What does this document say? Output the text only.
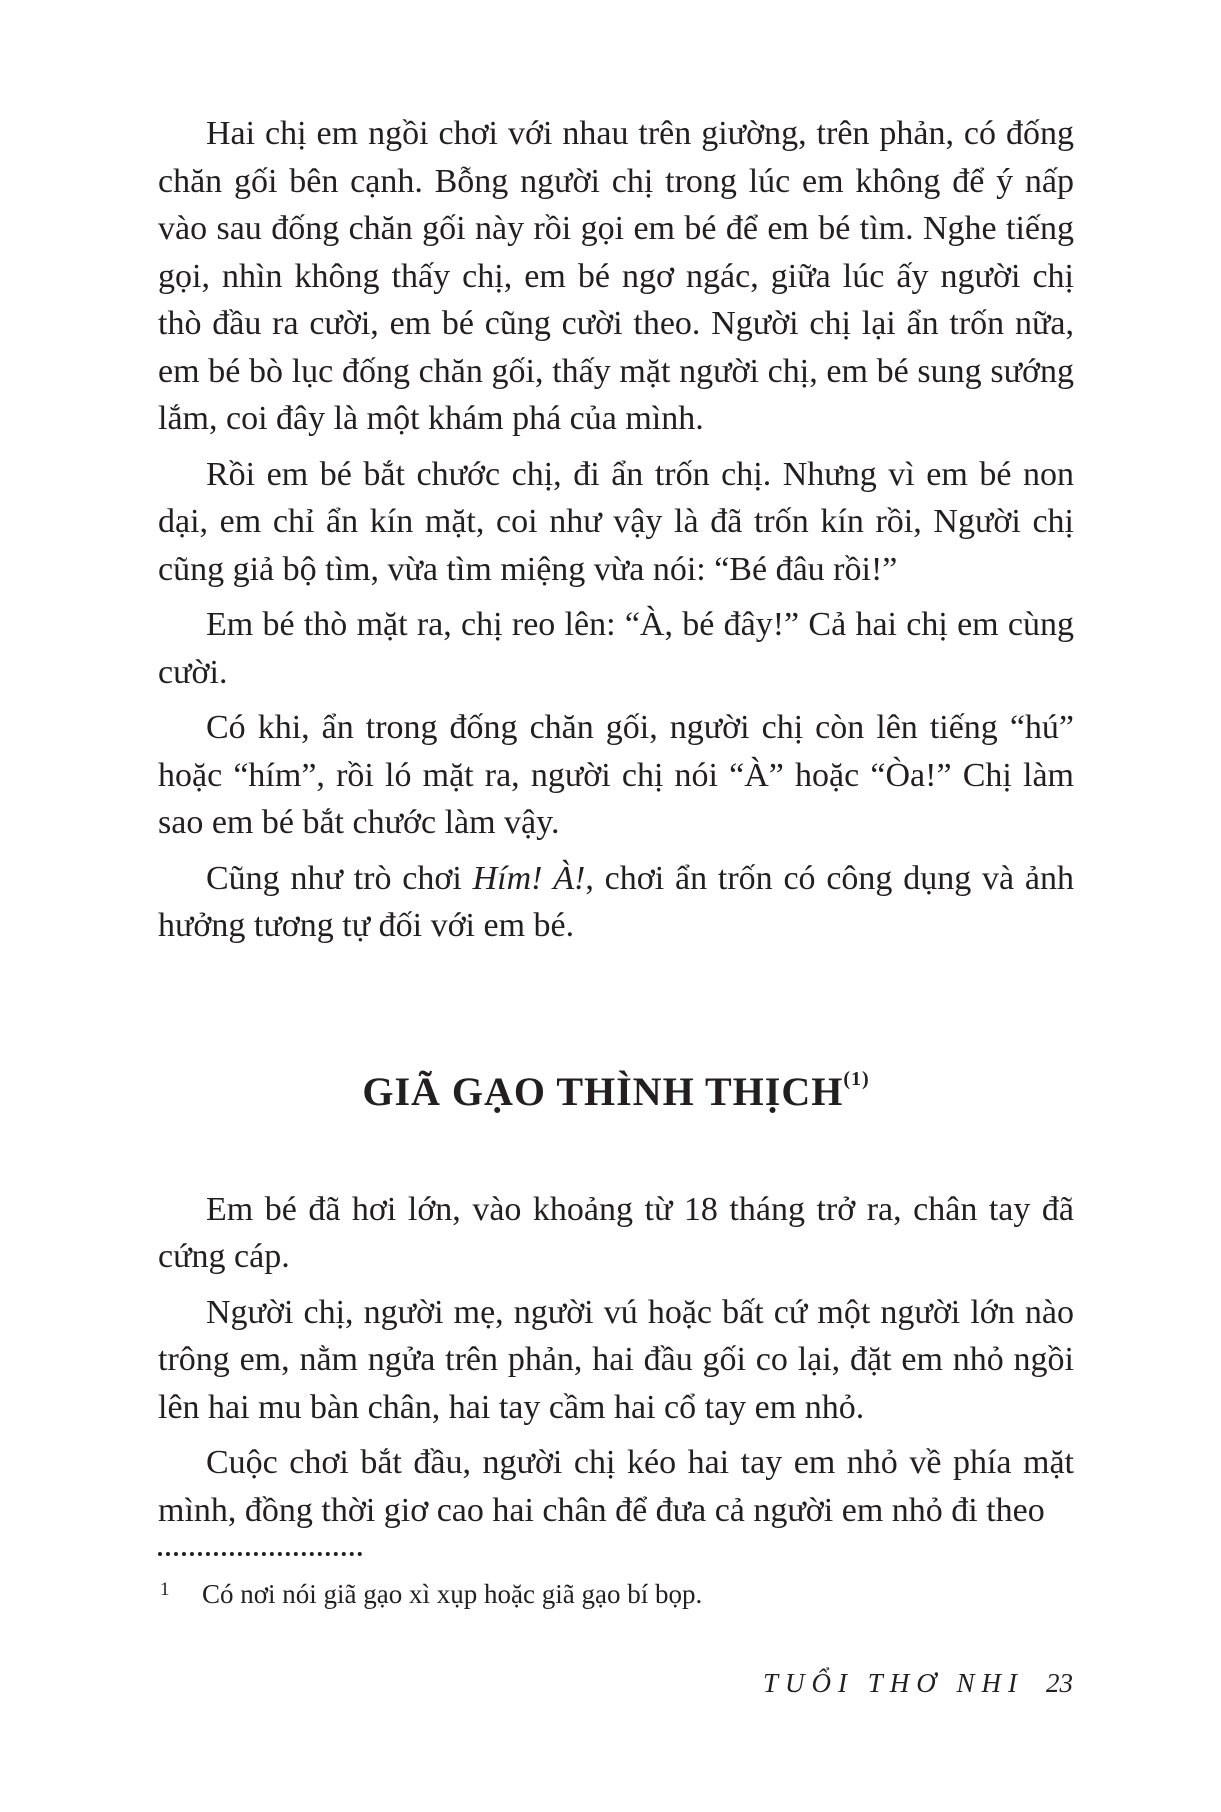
Hai chị em ngồi chơi với nhau trên giường, trên phản, có đống chăn gối bên cạnh. Bỗng người chị trong lúc em không để ý nấp vào sau đống chăn gối này rồi gọi em bé để em bé tìm. Nghe tiếng gọi, nhìn không thấy chị, em bé ngơ ngác, giữa lúc ấy người chị thò đầu ra cười, em bé cũng cười theo. Người chị lại ẩn trốn nữa, em bé bò lục đống chăn gối, thấy mặt người chị, em bé sung sướng lắm, coi đây là một khám phá của mình.

Rồi em bé bắt chước chị, đi ẩn trốn chị. Nhưng vì em bé non dại, em chỉ ẩn kín mặt, coi như vậy là đã trốn kín rồi, Người chị cũng giả bộ tìm, vừa tìm miệng vừa nói: “Bé đâu rồi!”

Em bé thò mặt ra, chị reo lên: “À, bé đây!” Cả hai chị em cùng cười.

Có khi, ẩn trong đống chăn gối, người chị còn lên tiếng “hú” hoặc “hím”, rồi ló mặt ra, người chị nói “À” hoặc “Òa!” Chị làm sao em bé bắt chước làm vậy.

Cũng như trò chơi Hím! À!, chơi ẩn trốn có công dụng và ảnh hưởng tương tự đối với em bé.

GIÃ GẠO THÌNH THỊCH$^{(1)}$

Em bé đã hơi lớn, vào khoảng từ 18 tháng trở ra, chân tay đã cứng cáp.

Người chị, người mẹ, người vú hoặc bất cứ một người lớn nào trông em, nằm ngửa trên phản, hai đầu gối co lại, đặt em nhỏ ngồi lên hai mu bàn chân, hai tay cầm hai cổ tay em nhỏ.

Cuộc chơi bắt đầu, người chị kéo hai tay em nhỏ về phía mặt mình, đồng thời giơ cao hai chân để đưa cả người em nhỏ đi theo

1 Có nơi nói giã gạo xì xụp hoặc giã gạo bí bọp.
TUỔI THƠ NHI 23
